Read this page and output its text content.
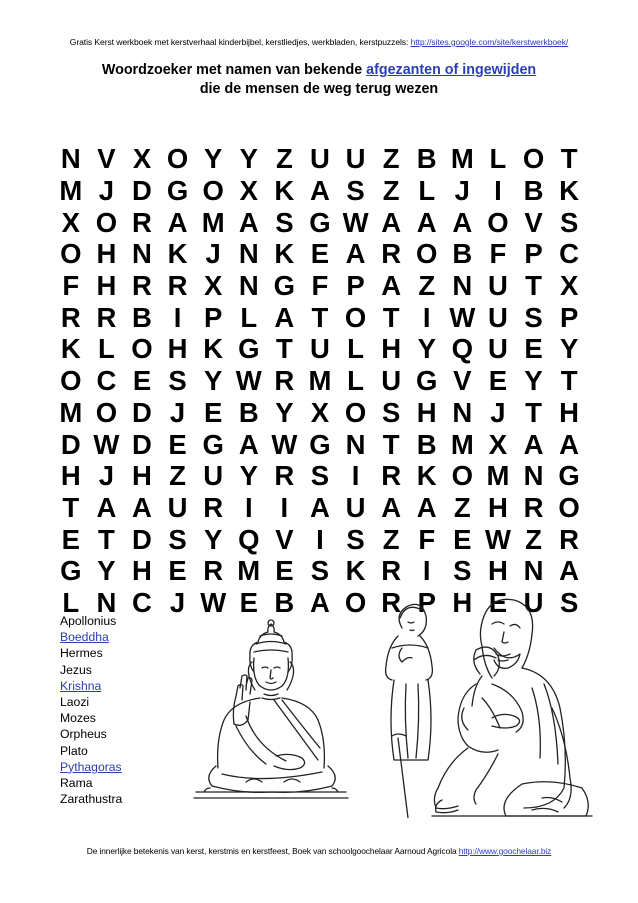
Gratis Kerst werkboek met kerstverhaal kinderbijbel, kerstliedjes, werkbladen, kerstpuzzels: http://sites.google.com/site/kerstwerkboek/
Woordzoeker met namen van bekende afgezanten of ingewijden
die de mensen de weg terug wezen
N V X O Y Y Z U U Z B M L O T
M J D G O X K A S Z L J I B K
X O R A M A S G W A A A O V S
O H N K J N K E A R O B F P C
F H R R X N G F P A Z N U T X
R R B I P L A T O T I W U S P
K L O H K G T U L H Y Q U E Y
O C E S Y W R M L U G V E Y T
M O D J E B Y X O S H N J T H
D W D E G A W G N T B M X A A
H J H Z U Y R S I R K O M N G
T A A U R I	I A U A A Z H R O
E T D S Y Q V I S Z F E W Z R
G Y H E R M E S K R I S H N A
L N C J W E B A O R P H E U S
Apollonius
Boeddha
Hermes
Jezus
Krishna
Laozi
Mozes
Orpheus
Plato
Pythagoras
Rama
Zarathustra
De innerlijke betekenis van kerst, kerstmis en kerstfeest, Boek van schoolgoochelaar Aarnoud Agricola http://www.goochelaar.biz
